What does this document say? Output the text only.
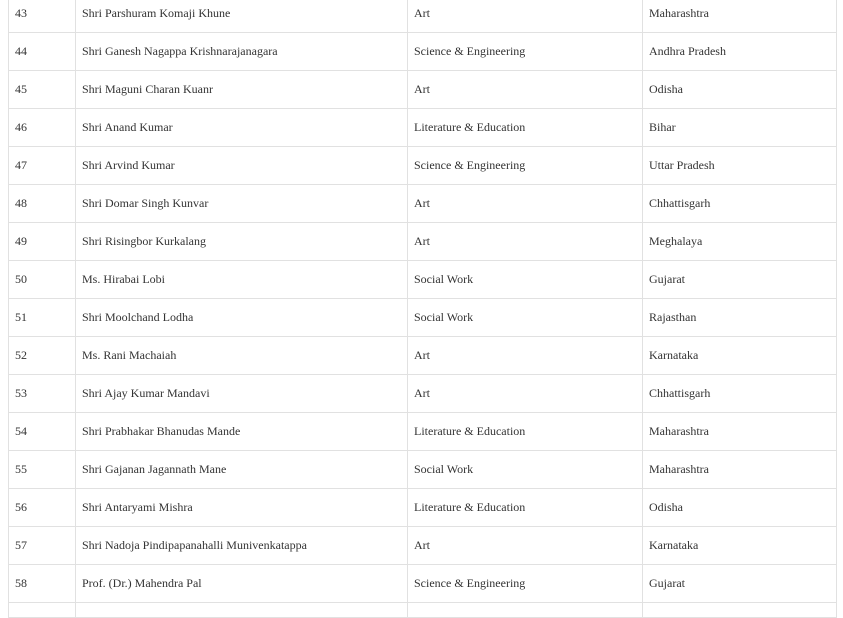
43	Shri Parshuram Komaji Khune	Art	Maharashtra
44	Shri Ganesh Nagappa Krishnarajanagara	Science & Engineering	Andhra Pradesh
45	Shri Maguni Charan Kuanr	Art	Odisha
46	Shri Anand Kumar	Literature & Education	Bihar
47	Shri Arvind Kumar	Science & Engineering	Uttar Pradesh
48	Shri Domar Singh Kunvar	Art	Chhattisgarh
49	Shri Risingbor Kurkalang	Art	Meghalaya
50	Ms. Hirabai Lobi	Social Work	Gujarat
51	Shri Moolchand Lodha	Social Work	Rajasthan
52	Ms. Rani Machaiah	Art	Karnataka
53	Shri Ajay Kumar Mandavi	Art	Chhattisgarh
54	Shri Prabhakar Bhanudas Mande	Literature & Education	Maharashtra
55	Shri Gajanan Jagannath Mane	Social Work	Maharashtra
56	Shri Antaryami Mishra	Literature & Education	Odisha
57	Shri Nadoja Pindipapanahalli Munivenkatappa	Art	Karnataka
58	Prof. (Dr.) Mahendra Pal	Science & Engineering	Gujarat
